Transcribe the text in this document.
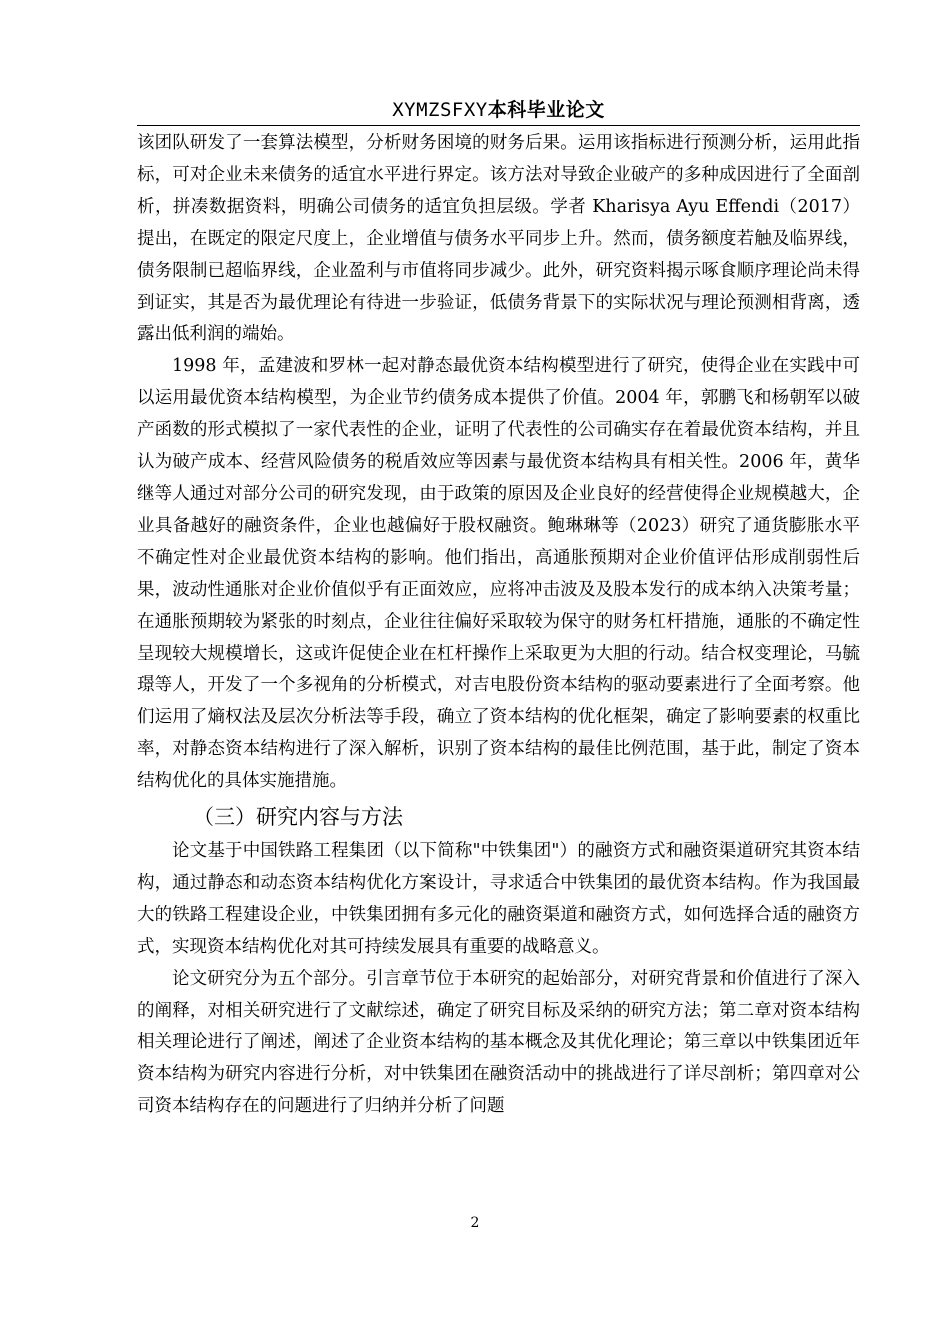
XYMZSFXY本科毕业论文

该团队研发了一套算法模型，分析财务困境的财务后果。运用该指标进行预测分析，运用此指标，可对企业未来债务的适宜水平进行界定。该方法对导致企业破产的多种成因进行了全面剖析，拼凑数据资料，明确公司债务的适宜负担层级。学者 Kharisya Ayu Effendi（2017）提出，在既定的限定尺度上，企业增值与债务水平同步上升。然而，债务额度若触及临界线，债务限制已超临界线，企业盈利与市值将同步减少。此外，研究资料揭示啄食顺序理论尚未得到证实，其是否为最优理论有待进一步验证，低债务背景下的实际状况与理论预测相背离，透露出低利润的端始。

1998 年，孟建波和罗林一起对静态最优资本结构模型进行了研究，使得企业在实践中可以运用最优资本结构模型，为企业节约债务成本提供了价值。2004 年，郭鹏飞和杨朝军以破产函数的形式模拟了一家代表性的企业，证明了代表性的公司确实存在着最优资本结构，并且认为破产成本、经营风险债务的税盾效应等因素与最优资本结构具有相关性。2006 年，黄华继等人通过对部分公司的研究发现，由于政策的原因及企业良好的经营使得企业规模越大，企业具备越好的融资条件，企业也越偏好于股权融资。鲍琳琳等（2023）研究了通货膨胀水平不确定性对企业最优资本结构的影响。他们指出，高通胀预期对企业价值评估形成削弱性后果，波动性通胀对企业价值似乎有正面效应，应将冲击波及及股本发行的成本纳入决策考量；在通胀预期较为紧张的时刻点，企业往往偏好采取较为保守的财务杠杆措施，通胀的不确定性呈现较大规模增长，这或许促使企业在杠杆操作上采取更为大胆的行动。结合权变理论，马毓璟等人，开发了一个多视角的分析模式，对吉电股份资本结构的驱动要素进行了全面考察。他们运用了熵权法及层次分析法等手段，确立了资本结构的优化框架，确定了影响要素的权重比率，对静态资本结构进行了深入解析，识别了资本结构的最佳比例范围，基于此，制定了资本结构优化的具体实施措施。

（三）研究内容与方法

论文基于中国铁路工程集团（以下简称"中铁集团"）的融资方式和融资渠道研究其资本结构，通过静态和动态资本结构优化方案设计，寻求适合中铁集团的最优资本结构。作为我国最大的铁路工程建设企业，中铁集团拥有多元化的融资渠道和融资方式，如何选择合适的融资方式，实现资本结构优化对其可持续发展具有重要的战略意义。

论文研究分为五个部分。引言章节位于本研究的起始部分，对研究背景和价值进行了深入的阐释，对相关研究进行了文献综述，确定了研究目标及采纳的研究方法；第二章对资本结构相关理论进行了阐述，阐述了企业资本结构的基本概念及其优化理论；第三章以中铁集团近年资本结构为研究内容进行分析，对中铁集团在融资活动中的挑战进行了详尽剖析；第四章对公司资本结构存在的问题进行了归纳并分析了问题

2
